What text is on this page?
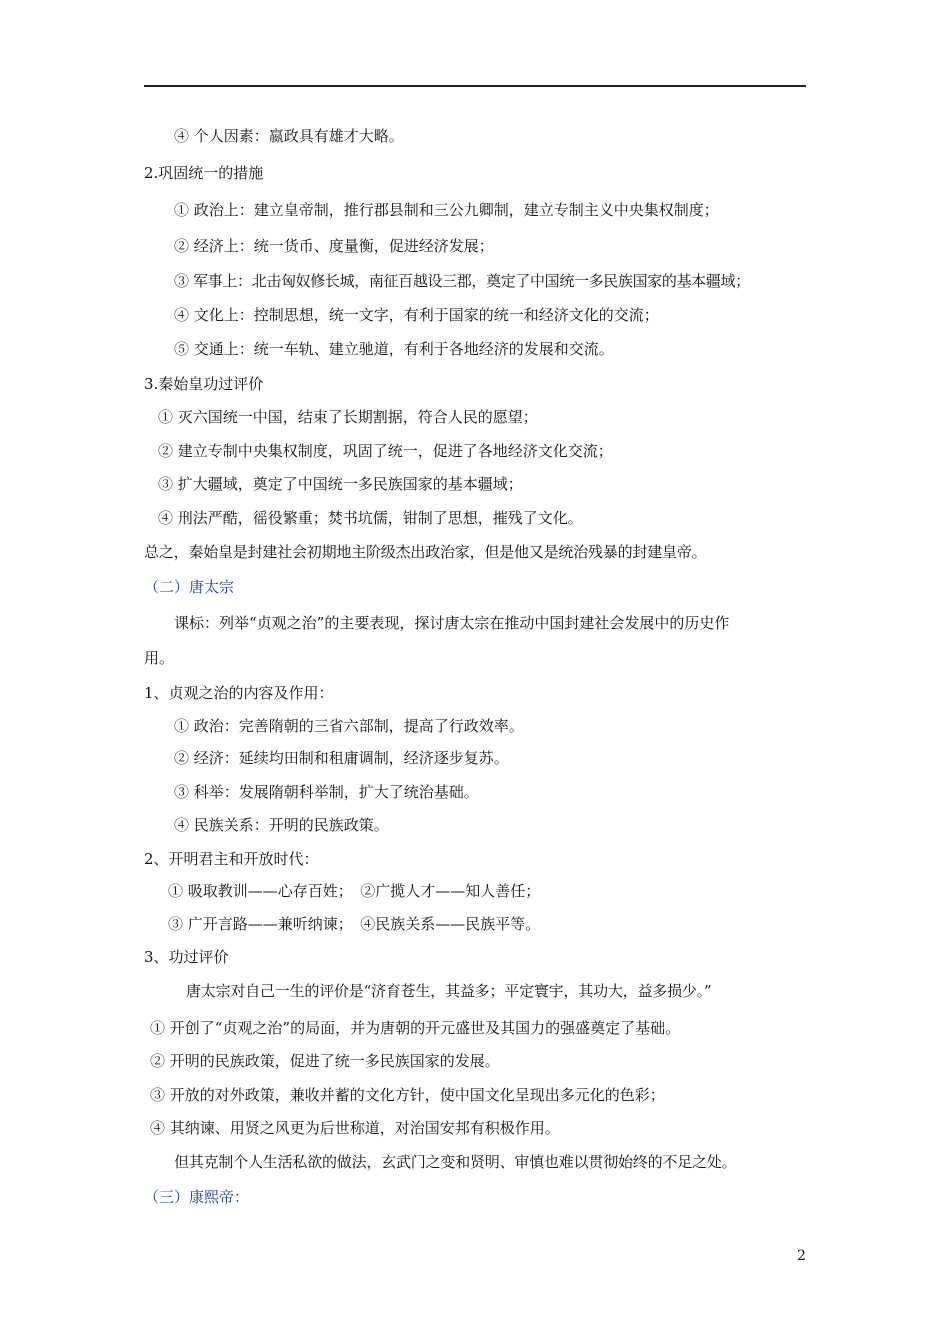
④ 个人因素：嬴政具有雄才大略。
2.巩固统一的措施
① 政治上：建立皇帝制，推行郡县制和三公九卿制，建立专制主义中央集权制度；
② 经济上：统一货币、度量衡，促进经济发展；
③ 军事上：北击匈奴修长城，南征百越设三郡，奠定了中国统一多民族国家的基本疆域；
④ 文化上：控制思想，统一文字，有利于国家的统一和经济文化的交流；
⑤ 交通上：统一车轨、建立驰道，有利于各地经济的发展和交流。
3.秦始皇功过评价
① 灭六国统一中国，结束了长期割据，符合人民的愿望；
② 建立专制中央集权制度，巩固了统一，促进了各地经济文化交流；
③ 扩大疆域，奠定了中国统一多民族国家的基本疆域；
④ 刑法严酷，徭役繁重；焚书坑儒，钳制了思想，摧残了文化。
总之，秦始皇是封建社会初期地主阶级杰出政治家，但是他又是统治残暴的封建皇帝。
（二）唐太宗
课标：列举“贞观之治”的主要表现，探讨唐太宗在推动中国封建社会发展中的历史作
用。
1、贞观之治的内容及作用：
① 政治：完善隋朝的三省六部制，提高了行政效率。
② 经济：延续均田制和租庸调制，经济逐步复苏。
③ 科举：发展隋朝科举制，扩大了统治基础。
④ 民族关系：开明的民族政策。
2、开明君主和开放时代：
① 吸取教训——心存百姓；　②广揽人才——知人善任；
③ 广开言路——兼听纳谏；　④民族关系——民族平等。
3、功过评价
唐太宗对自己一生的评价是“济育苍生，其益多；平定寰宇，其功大，益多损少。”
① 开创了“贞观之治”的局面，并为唐朝的开元盛世及其国力的强盛奠定了基础。
② 开明的民族政策，促进了统一多民族国家的发展。
③ 开放的对外政策，兼收并蓄的文化方针，使中国文化呈现出多元化的色彩；
④ 其纳谏、用贤之风更为后世称道，对治国安邦有积极作用。
但其克制个人生活私欲的做法，玄武门之变和贤明、审慎也难以贯彻始终的不足之处。
（三）康熙帝：
2
